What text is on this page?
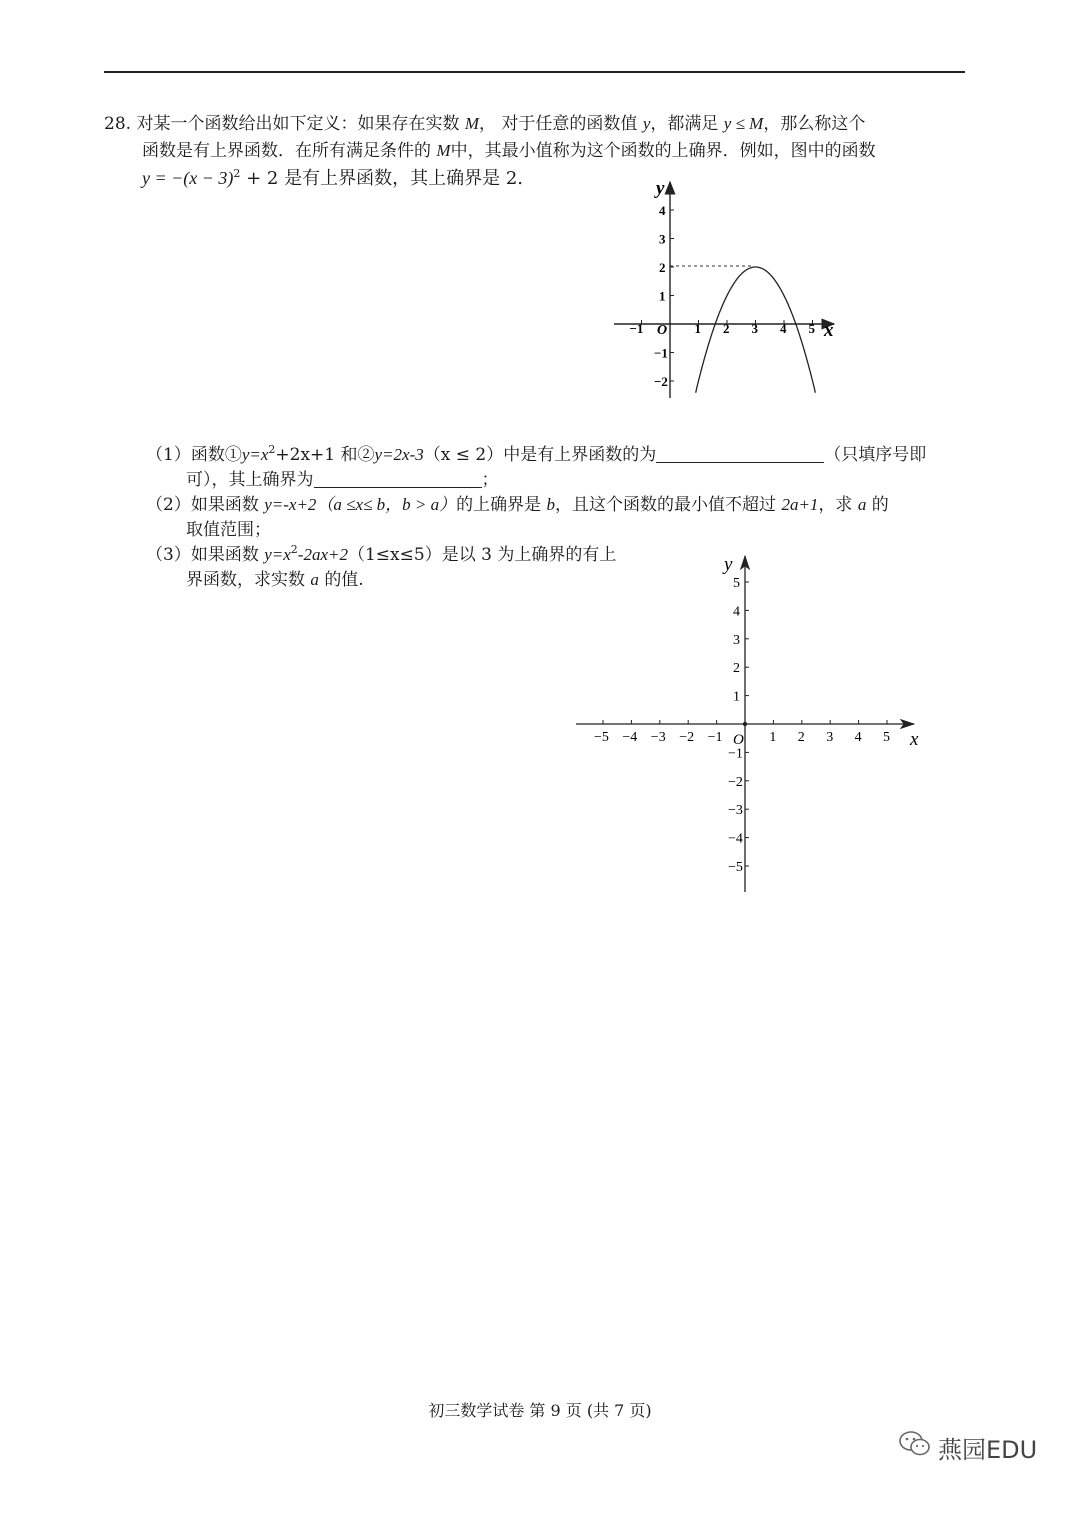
28. 对某一个函数给出如下定义：如果存在实数 M， 对于任意的函数值 y，都满足 y ≤ M，那么称这个
函数是有上界函数．在所有满足条件的 M中，其最小值称为这个函数的上确界．例如，图中的函数
$y = -(x - 3)^2 + 2$ 是有上界函数，其上确界是 2.
−1	1 2 3 4 5
4
3
2
1
−1
−2
x
y
O
（1）函数$①y=x^2+2x+1$ 和②y=2x-3（x ≤ 2）中是有上界函数的为	（只填序号即
可），其上确界为	；
（2）如果函数 y=-x+2（a ≤x≤ b，b > a）的上确界是 b，且这个函数的最小值不超过 2a+1，求 a 的
取值范围；
（3）如果函数 $y=x^2-2ax+2(1\le x\le 5)$是以 3 为上确界的有上
界函数，求实数 a 的值.
−5 −4 −3 −2 −1	1 2 3 4 5
5
4
3
2
1
−1
−2
−3
−4
−5
x
y
O
初三数学试卷 第 9 页 (共 7 页)
燕园EDU
